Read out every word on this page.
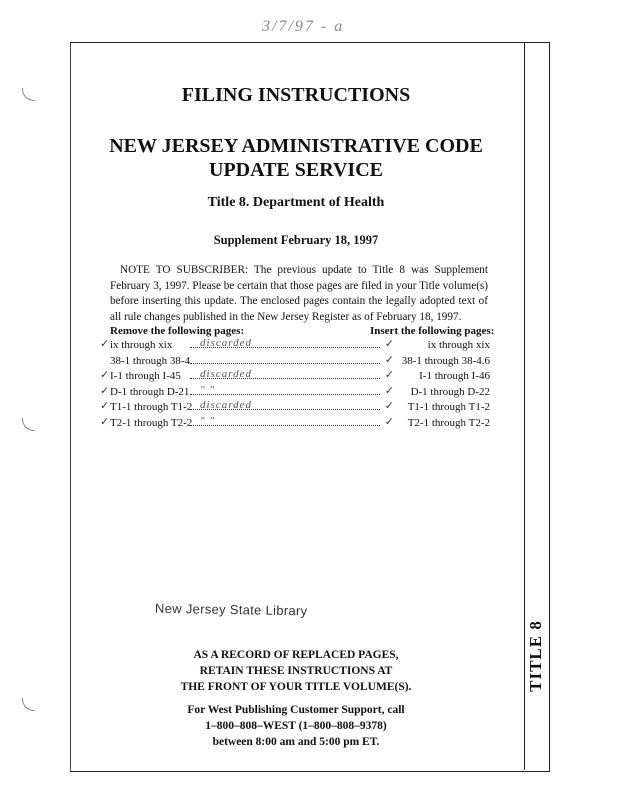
TITLE 8
3/7/97 - a
FILING INSTRUCTIONS
NEW JERSEY ADMINISTRATIVE CODE
UPDATE SERVICE
Title 8. Department of Health
Supplement February 18, 1997
NOTE TO SUBSCRIBER: The previous update to Title 8 was Supplement February 3, 1997. Please be certain that those pages are filed in your Title volume(s) before inserting this update. The enclosed pages contain the legally adopted text of all rule changes published in the New Jersey Register as of February 18, 1997.
Remove the following pages:	Insert the following pages:
✓ ix through xix	discarded	✓	ix through xix
38-1 through 38-4	✓ 38-1 through 38-4.6
✓ I-1 through I-45 discarded	✓ I-1 through I-46
✓ D-1 through D-21 " "	✓ D-1 through D-22
✓ T1-1 through T1-2 discarded	✓ T1-1 through T1-2
✓ T2-1 through T2-2 " "	✓ T2-1 through T2-2
New Jersey State Library
AS A RECORD OF REPLACED PAGES,
RETAIN THESE INSTRUCTIONS AT
THE FRONT OF YOUR TITLE VOLUME(S).
For West Publishing Customer Support, call
1–800–808–WEST (1–800–808–9378)
between 8:00 am and 5:00 pm ET.
